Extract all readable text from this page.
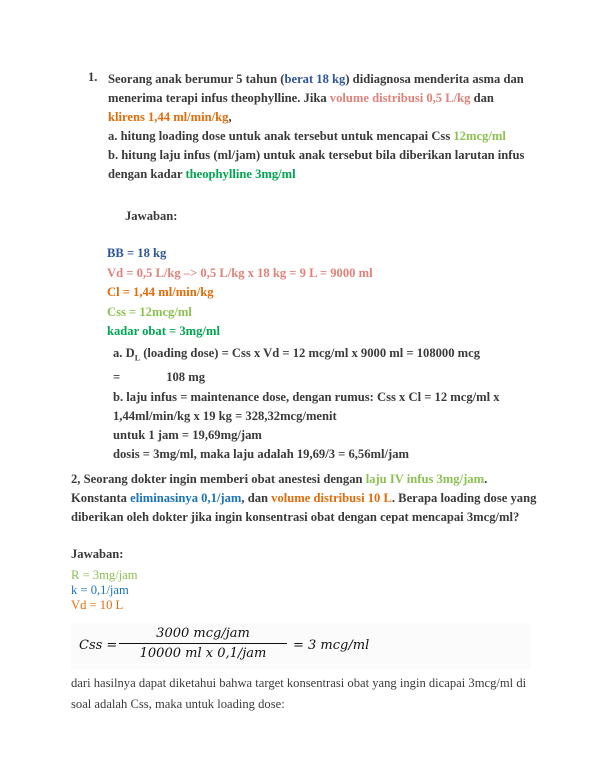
1. Seorang anak berumur 5 tahun (berat 18 kg) didiagnosa menderita asma dan menerima terapi infus theophylline. Jika volume distribusi 0,5 L/kg dan klirens 1,44 ml/min/kg,
a. hitung loading dose untuk anak tersebut untuk mencapai Css 12mcg/ml
b. hitung laju infus (ml/jam) untuk anak tersebut bila diberikan larutan infus dengan kadar theophylline 3mg/ml
Jawaban:
BB = 18 kg
Vd = 0,5 L/kg –> 0,5 L/kg x 18 kg = 9 L = 9000 ml
Cl = 1,44 ml/min/kg
Css = 12mcg/ml
kadar obat = 3mg/ml
a. $D_L$ (loading dose) = Css x Vd = 12 mcg/ml x 9000 ml = 108000 mcg
=	108 mg
b. laju infus = maintenance dose, dengan rumus: Css x Cl = 12 mcg/ml x 1,44ml/min/kg x 19 kg = 328,32mcg/menit
untuk 1 jam = 19,69mg/jam
dosis = 3mg/ml, maka laju adalah 19,69/3 = 6,56ml/jam
2, Seorang dokter ingin memberi obat anestesi dengan laju IV infus 3mg/jam. Konstanta eliminasinya 0,1/jam, dan volume distribusi 10 L. Berapa loading dose yang diberikan oleh dokter jika ingin konsentrasi obat dengan cepat mencapai 3mcg/ml?
Jawaban:
R = 3mg/jam
k = 0,1/jam
Vd = 10 L
Css =
3000 mcg/jam
10000 ml x 0,1/jam
= 3 mcg/ml
dari hasilnya dapat diketahui bahwa target konsentrasi obat yang ingin dicapai 3mcg/ml di soal adalah Css, maka untuk loading dose:
